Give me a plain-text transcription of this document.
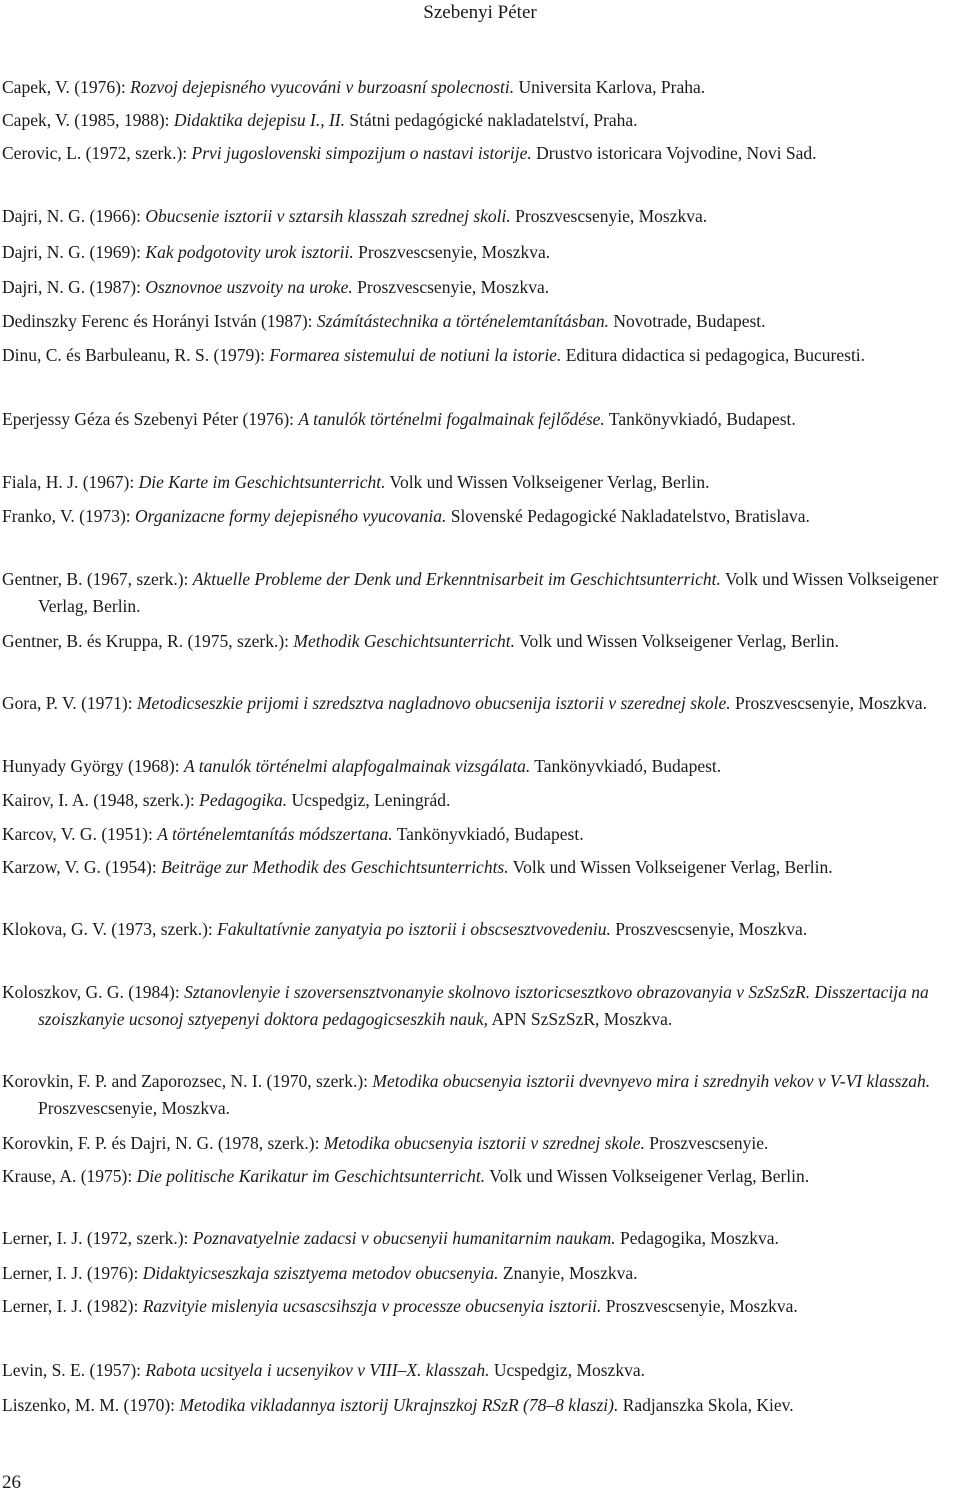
Szebenyi Péter
Capek, V. (1976): Rozvoj dejepisného vyucováni v burzoasní spolecnosti. Universita Karlova, Praha.
Capek, V. (1985, 1988): Didaktika dejepisu I., II. Státni pedagógické nakladatelství, Praha.
Cerovic, L. (1972, szerk.): Prvi jugoslovenski simpozijum o nastavi istorije. Drustvo istoricara Vojvodine, Novi Sad.
Dajri, N. G. (1966): Obucsenie isztorii v sztarsih klasszah szrednej skoli. Proszvescsenyie, Moszkva.
Dajri, N. G. (1969): Kak podgotovity urok isztorii. Proszvescsenyie, Moszkva.
Dajri, N. G. (1987): Osznovnoe uszvoity na uroke. Proszvescsenyie, Moszkva.
Dedinszky Ferenc és Horányi István (1987): Számítástechnika a történelemtanításban. Novotrade, Budapest.
Dinu, C. és Barbuleanu, R. S. (1979): Formarea sistemului de notiuni la istorie. Editura didactica si pedagogica, Bucuresti.
Eperjessy Géza és Szebenyi Péter (1976): A tanulók történelmi fogalmainak fejlődése. Tankönyvkiadó, Budapest.
Fiala, H. J. (1967): Die Karte im Geschichtsunterricht. Volk und Wissen Volkseigener Verlag, Berlin.
Franko, V. (1973): Organizacne formy dejepisného vyucovania. Slovenské Pedagogické Nakladatelstvo, Bratislava.
Gentner, B. (1967, szerk.): Aktuelle Probleme der Denk und Erkenntnisarbeit im Geschichtsunterricht. Volk und Wissen Volkseigener Verlag, Berlin.
Gentner, B. és Kruppa, R. (1975, szerk.): Methodik Geschichtsunterricht. Volk und Wissen Volkseigener Verlag, Berlin.
Gora, P. V. (1971): Metodicseszkie prijomi i szredsztva nagladnovo obucsenija isztorii v szerednej skole. Proszvescsenyie, Moszkva.
Hunyady György (1968): A tanulók történelmi alapfogalmainak vizsgálata. Tankönyvkiadó, Budapest.
Kairov, I. A. (1948, szerk.): Pedagogika. Ucspedgiz, Leningrád.
Karcov, V. G. (1951): A történelemtanítás módszertana. Tankönyvkiadó, Budapest.
Karzow, V. G. (1954): Beiträge zur Methodik des Geschichtsunterrichts. Volk und Wissen Volkseigener Verlag, Berlin.
Klokova, G. V. (1973, szerk.): Fakultatívnie zanyatyia po isztorii i obscsesztvovedeniu. Proszvescsenyie, Moszkva.
Koloszkov, G. G. (1984): Sztanovlenyie i szoversensztvonanyie skolnovo isztoricsesztkovo obrazovanyia v SzSzSzR. Disszertacija na szoiszkanyie ucsonoj sztyepenyi doktora pedagogicseszkih nauk, APN SzSzSzR, Moszkva.
Korovkin, F. P. and Zaporozsec, N. I. (1970, szerk.): Metodika obucsenyia isztorii dvevnyevo mira i szrednyih vekov v V-VI klasszah. Proszvescsenyie, Moszkva.
Korovkin, F. P. és Dajri, N. G. (1978, szerk.): Metodika obucsenyia isztorii v szrednej skole. Proszvescsenyie.
Krause, A. (1975): Die politische Karikatur im Geschichtsunterricht. Volk und Wissen Volkseigener Verlag, Berlin.
Lerner, I. J. (1972, szerk.): Poznavatyelnie zadacsi v obucsenyii humanitarnim naukam. Pedagogika, Moszkva.
Lerner, I. J. (1976): Didaktyicseszkaja szisztyema metodov obucsenyia. Znanyie, Moszkva.
Lerner, I. J. (1982): Razvityie mislenyia ucsascsihszja v processze obucsenyia isztorii. Proszvescsenyie, Moszkva.
Levin, S. E. (1957): Rabota ucsityela i ucsenyikov v VIII–X. klasszah. Ucspedgiz, Moszkva.
Liszenko, M. M. (1970): Metodika vikladannya isztorij Ukrajnszkoj RSzR (78–8 klaszi). Radjanszka Skola, Kiev.
26
